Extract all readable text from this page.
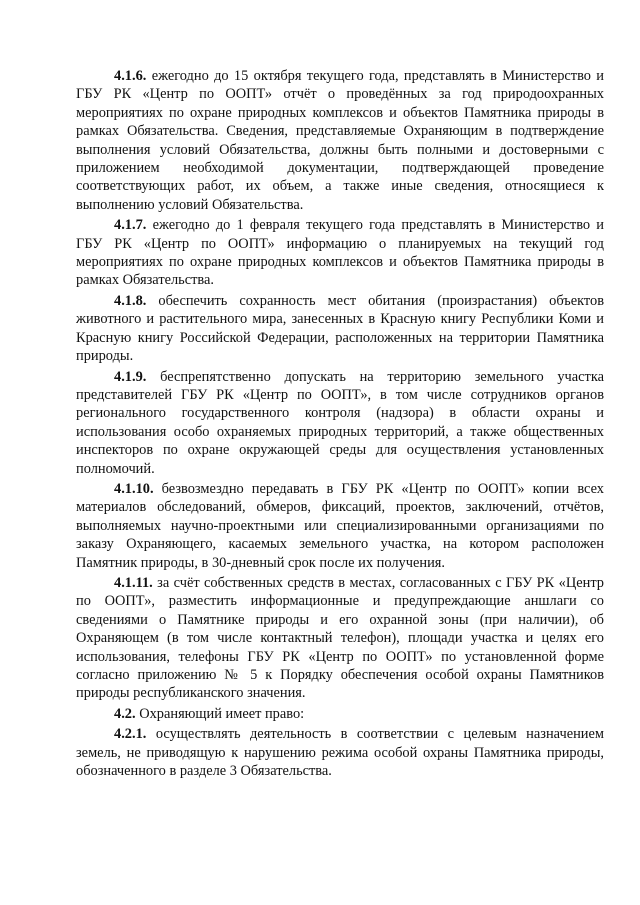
4.1.6. ежегодно до 15 октября текущего года, представлять в Министерство и ГБУ РК «Центр по ООПТ» отчёт о проведённых за год природоохранных мероприятиях по охране природных комплексов и объектов Памятника природы в рамках Обязательства. Сведения, представляемые Охраняющим в подтверждение выполнения условий Обязательства, должны быть полными и достоверными с приложением необходимой документации, подтверждающей проведение соответствующих работ, их объем, а также иные сведения, относящиеся к выполнению условий Обязательства.

4.1.7. ежегодно до 1 февраля текущего года представлять в Министерство и ГБУ РК «Центр по ООПТ» информацию о планируемых на текущий год мероприятиях по охране природных комплексов и объектов Памятника природы в рамках Обязательства.

4.1.8. обеспечить сохранность мест обитания (произрастания) объектов животного и растительного мира, занесенных в Красную книгу Республики Коми и Красную книгу Российской Федерации, расположенных на территории Памятника природы.

4.1.9. беспрепятственно допускать на территорию земельного участка представителей ГБУ РК «Центр по ООПТ», в том числе сотрудников органов регионального государственного контроля (надзора) в области охраны и использования особо охраняемых природных территорий, а также общественных инспекторов по охране окружающей среды для осуществления установленных полномочий.

4.1.10. безвозмездно передавать в ГБУ РК «Центр по ООПТ» копии всех материалов обследований, обмеров, фиксаций, проектов, заключений, отчётов, выполняемых научно-проектными или специализированными организациями по заказу Охраняющего, касаемых земельного участка, на котором расположен Памятник природы, в 30-дневный срок после их получения.

4.1.11. за счёт собственных средств в местах, согласованных с ГБУ РК «Центр по ООПТ», разместить информационные и предупреждающие аншлаги со сведениями о Памятнике природы и его охранной зоны (при наличии), об Охраняющем (в том числе контактный телефон), площади участка и целях его использования, телефоны ГБУ РК «Центр по ООПТ» по установленной форме согласно приложению № 5 к Порядку обеспечения особой охраны Памятников природы республиканского значения.

4.2. Охраняющий имеет право:

4.2.1. осуществлять деятельность в соответствии с целевым назначением земель, не приводящую к нарушению режима особой охраны Памятника природы, обозначенного в разделе 3 Обязательства.
